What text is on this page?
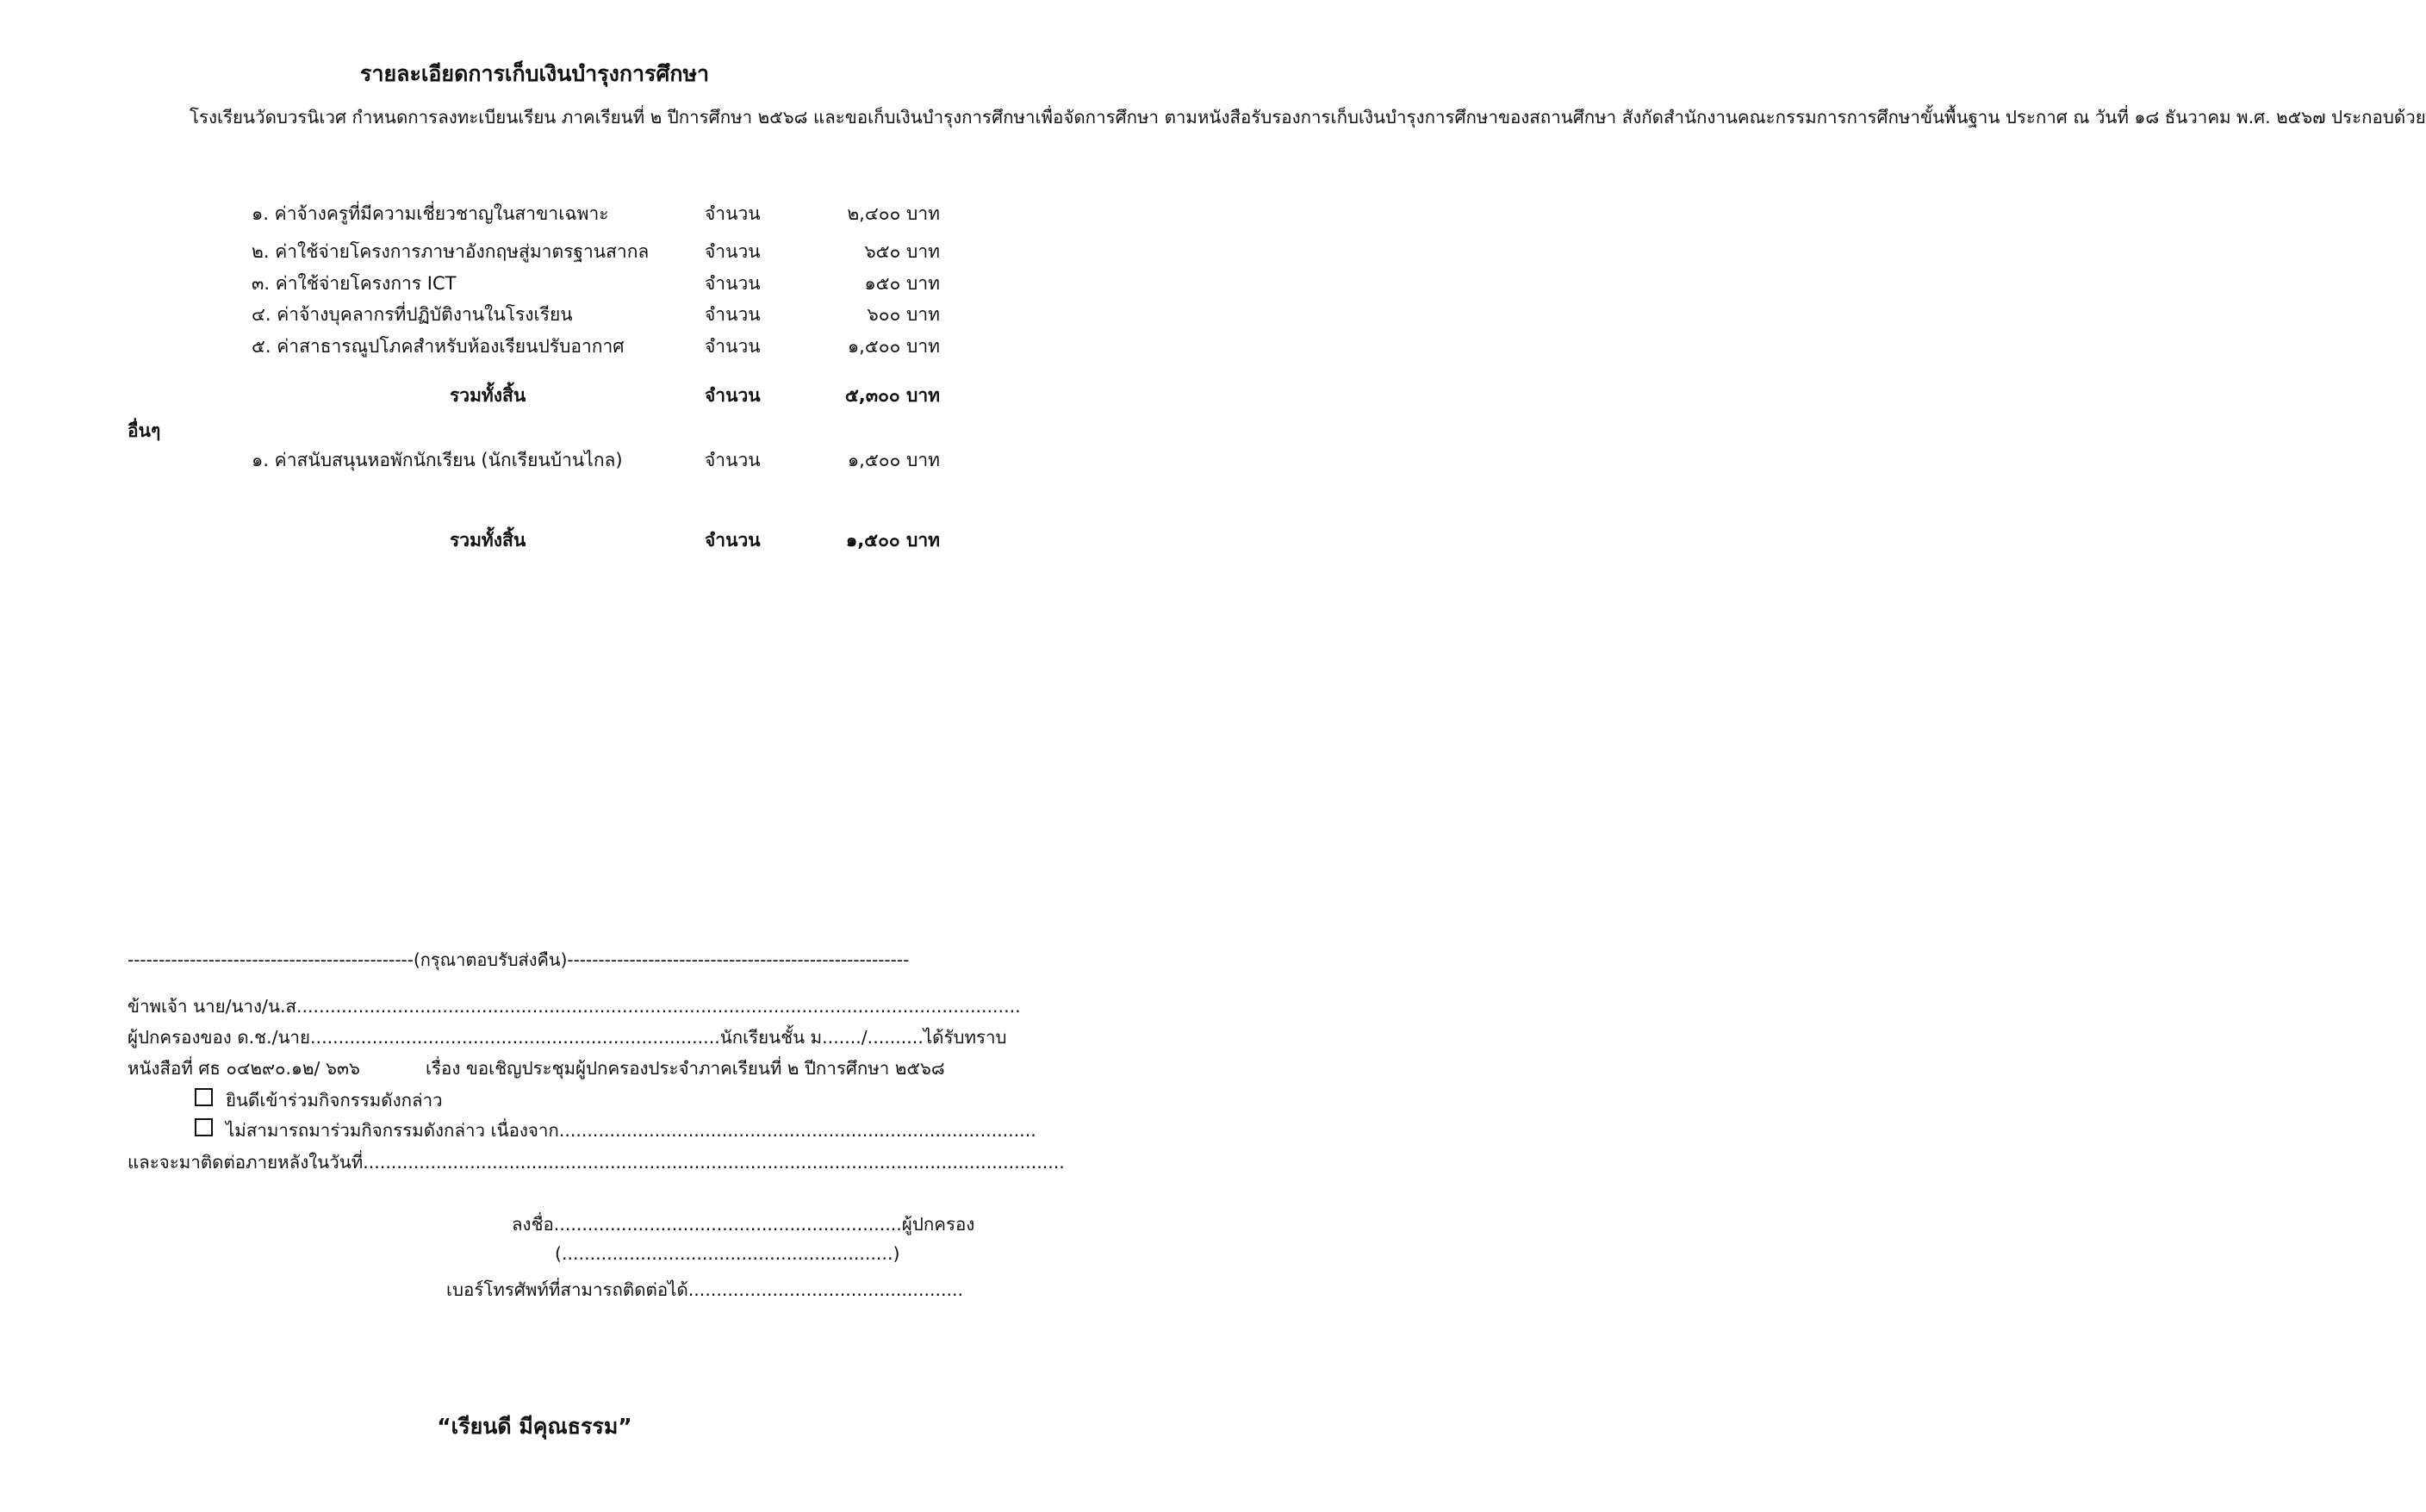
รายละเอียดการเก็บเงินบำรุงการศึกษา
โรงเรียนวัดบวรนิเวศ กำหนดการลงทะเบียนเรียน ภาคเรียนที่ ๒ ปีการศึกษา ๒๕๖๘ และขอเก็บเงินบำรุงการศึกษาเพื่อจัดการศึกษา ตามหนังสือรับรองการเก็บเงินบำรุงการศึกษาของสถานศึกษา สังกัดสำนักงานคณะกรรมการการศึกษาขั้นพื้นฐาน ประกาศ ณ วันที่ ๑๘ ธันวาคม พ.ศ. ๒๕๖๗ ประกอบด้วย
๑. ค่าจ้างครูที่มีความเชี่ยวชาญในสาขาเฉพาะ	จำนวน	๒,๔๐๐ บาท
๒. ค่าใช้จ่ายโครงการภาษาอังกฤษสู่มาตรฐานสากล	จำนวน	๖๕๐ บาท
๓. ค่าใช้จ่ายโครงการ ICT	จำนวน	๑๕๐ บาท
๔. ค่าจ้างบุคลากรที่ปฏิบัติงานในโรงเรียน	จำนวน	๖๐๐ บาท
๕. ค่าสาธารณูปโภคสำหรับห้องเรียนปรับอากาศ	จำนวน	๑,๕๐๐ บาท
รวมทั้งสิ้น	จำนวน	๕,๓๐๐ บาท
อื่นๆ
๑. ค่าสนับสนุนหอพักนักเรียน (นักเรียนบ้านไกล)	จำนวน	๑,๕๐๐ บาท
รวมทั้งสิ้น	จำนวน	๑,๕๐๐ บาท
----------------------------------------------(กรุณาตอบรับส่งคืน)-------------------------------------------------------
ข้าพเจ้า นาย/นาง/น.ส.................................................................................................................................
ผู้ปกครองของ ด.ช./นาย.........................................................................นักเรียนชั้น ม......./..........ได้รับทราบ
หนังสือที่ ศธ ๐๔๒๙๐.๑๒/ ๖๓๖	เรื่อง ขอเชิญประชุมผู้ปกครองประจำภาคเรียนที่ ๒ ปีการศึกษา ๒๕๖๘
ยินดีเข้าร่วมกิจกรรมดังกล่าว
ไม่สามารถมาร่วมกิจกรรมดังกล่าว เนื่องจาก.....................................................................................
และจะมาติดต่อภายหลังในวันที่.............................................................................................................................
ลงชื่อ..............................................................ผู้ปกครอง
(...........................................................)
เบอร์โทรศัพท์ที่สามารถติดต่อได้.................................................
“เรียนดี มีคุณธรรม”
